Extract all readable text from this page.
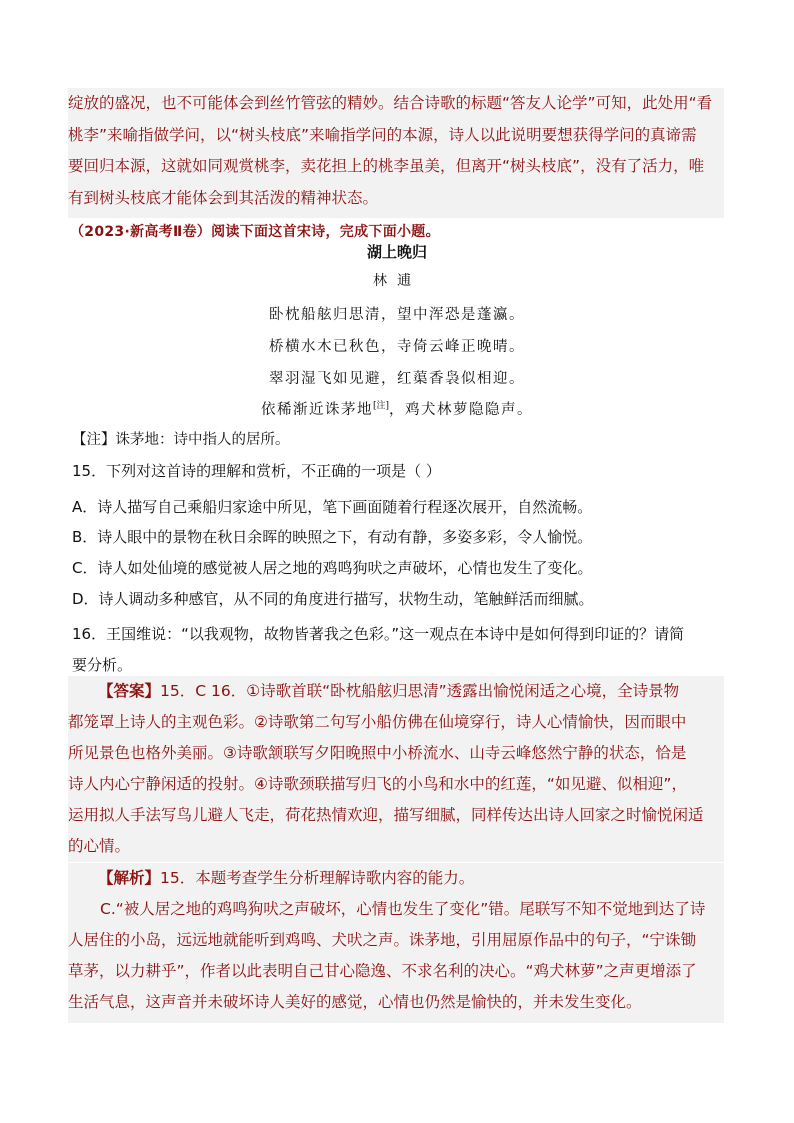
绽放的盛况，也不可能体会到丝竹管弦的精妙。结合诗歌的标题“答友人论学”可知，此处用“看

桃李”来喻指做学问，以“树头枝底”来喻指学问的本源，诗人以此说明要想获得学问的真谛需

要回归本源，这就如同观赏桃李，卖花担上的桃李虽美，但离开“树头枝底”，没有了活力，唯

有到树头枝底才能体会到其活泼的精神状态。

（2023·新高考Ⅱ卷）阅读下面这首宋诗，完成下面小题。
湖上晚归
林逋
卧枕船舷归思清，望中浑恐是蓬瀛。
桥横水木已秋色，寺倚云峰正晚晴。
翠羽湿飞如见避，红蕖香袅似相迎。
依稀渐近诛茅地[注]，鸡犬林萝隐隐声。
【注】诛茅地：诗中指人的居所。
15．下列对这首诗的理解和赏析，不正确的一项是（ ）
A．诗人描写自己乘船归家途中所见，笔下画面随着行程逐次展开，自然流畅。
B．诗人眼中的景物在秋日余晖的映照之下，有动有静，多姿多彩，令人愉悦。
C．诗人如处仙境的感觉被人居之地的鸡鸣狗吠之声破坏，心情也发生了变化。
D．诗人调动多种感官，从不同的角度进行描写，状物生动，笔触鲜活而细腻。
16．王国维说：“以我观物，故物皆著我之色彩。”这一观点在本诗中是如何得到印证的？请简
要分析。

【答案】15．C 16．①诗歌首联“卧枕船舷归思清”透露出愉悦闲适之心境，全诗景物

都笼罩上诗人的主观色彩。②诗歌第二句写小船仿佛在仙境穿行，诗人心情愉快，因而眼中

所见景色也格外美丽。③诗歌颔联写夕阳晚照中小桥流水、山寺云峰悠然宁静的状态，恰是

诗人内心宁静闲适的投射。④诗歌颈联描写归飞的小鸟和水中的红莲，“如见避、似相迎”，

运用拟人手法写鸟儿避人飞走，荷花热情欢迎，描写细腻，同样传达出诗人回家之时愉悦闲适

的心情。

【解析】15．本题考查学生分析理解诗歌内容的能力。

C.“被人居之地的鸡鸣狗吠之声破坏，心情也发生了变化”错。尾联写不知不觉地到达了诗

人居住的小岛，远远地就能听到鸡鸣、犬吠之声。诛茅地，引用屈原作品中的句子，“宁诛锄

草茅，以力耕乎”，作者以此表明自己甘心隐逸、不求名利的决心。“鸡犬林萝”之声更增添了

生活气息，这声音并未破坏诗人美好的感觉，心情也仍然是愉快的，并未发生变化。
